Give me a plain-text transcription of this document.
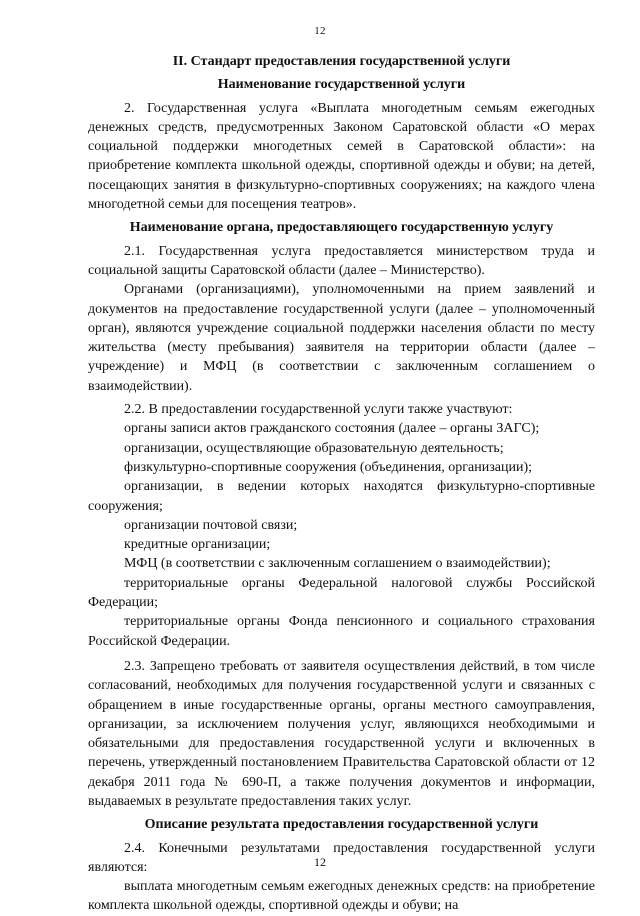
12
II. Стандарт предоставления государственной услуги
Наименование государственной услуги

2. Государственная услуга «Выплата многодетным семьям ежегодных денежных средств, предусмотренных Законом Саратовской области «О мерах социальной поддержки многодетных семей в Саратовской области»: на приобретение комплекта школьной одежды, спортивной одежды и обуви; на детей, посещающих занятия в физкультурно-спортивных сооружениях; на каждого члена многодетной семьи для посещения театров».

Наименование органа, предоставляющего государственную услугу

2.1. Государственная услуга предоставляется министерством труда и социальной защиты Саратовской области (далее – Министерство).

Органами (организациями), уполномоченными на прием заявлений и документов на предоставление государственной услуги (далее – уполномоченный орган), являются учреждение социальной поддержки населения области по месту жительства (месту пребывания) заявителя на территории области (далее – учреждение) и МФЦ (в соответствии с заключенным соглашением о взаимодействии).

2.2. В предоставлении государственной услуги также участвуют:

органы записи актов гражданского состояния (далее – органы ЗАГС);

организации, осуществляющие образовательную деятельность;

физкультурно-спортивные сооружения (объединения, организации);

организации, в ведении которых находятся физкультурно-спортивные сооружения;

организации почтовой связи;

кредитные организации;

МФЦ (в соответствии с заключенным соглашением о взаимодействии);

территориальные органы Федеральной налоговой службы Российской Федерации;

территориальные органы Фонда пенсионного и социального страхования Российской Федерации.

2.3. Запрещено требовать от заявителя осуществления действий, в том числе согласований, необходимых для получения государственной услуги и связанных с обращением в иные государственные органы, органы местного самоуправления, организации, за исключением получения услуг, являющихся необходимыми и обязательными для предоставления государственной услуги и включенных в перечень, утвержденный постановлением Правительства Саратовской области от 12 декабря 2011 года № 690-П, а также получения документов и информации, выдаваемых в результате предоставления таких услуг.

Описание результата предоставления государственной услуги

2.4. Конечными результатами предоставления государственной услуги являются:

выплата многодетным семьям ежегодных денежных средств: на приобретение комплекта школьной одежды, спортивной одежды и обуви; на

12
